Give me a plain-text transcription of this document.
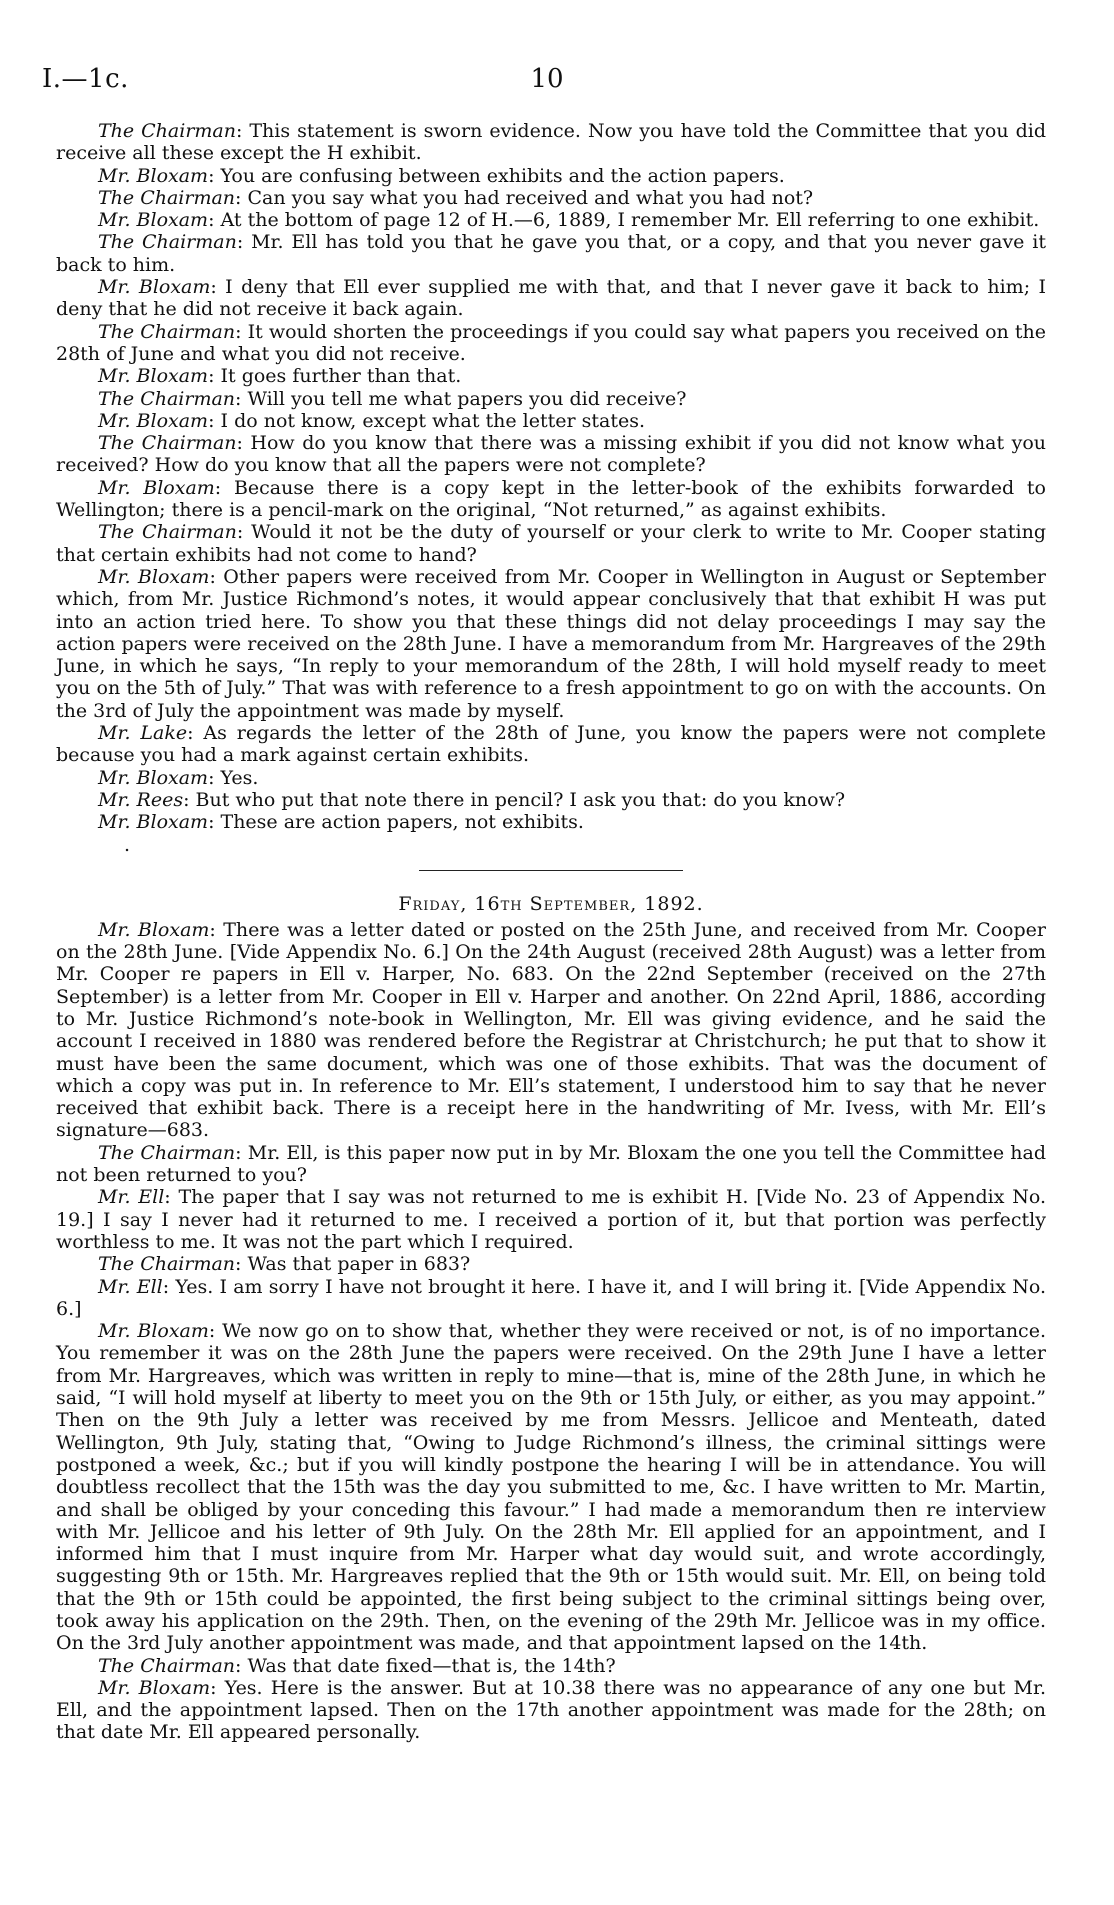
I.—1c.	10

The Chairman: This statement is sworn evidence. Now you have told the Committee that you did receive all these except the H exhibit.

Mr. Bloxam: You are confusing between exhibits and the action papers.

The Chairman: Can you say what you had received and what you had not?

Mr. Bloxam: At the bottom of page 12 of H.—6, 1889, I remember Mr. Ell referring to one exhibit.

The Chairman: Mr. Ell has told you that he gave you that, or a copy, and that you never gave it back to him.

Mr. Bloxam: I deny that Ell ever supplied me with that, and that I never gave it back to him; I deny that he did not receive it back again.

The Chairman: It would shorten the proceedings if you could say what papers you received on the 28th of June and what you did not receive.

Mr. Bloxam: It goes further than that.

The Chairman: Will you tell me what papers you did receive?

Mr. Bloxam: I do not know, except what the letter states.

The Chairman: How do you know that there was a missing exhibit if you did not know what you received? How do you know that all the papers were not complete?

Mr. Bloxam: Because there is a copy kept in the letter-book of the exhibits forwarded to Wellington; there is a pencil-mark on the original, “Not returned,” as against exhibits.

The Chairman: Would it not be the duty of yourself or your clerk to write to Mr. Cooper stating that certain exhibits had not come to hand?

Mr. Bloxam: Other papers were received from Mr. Cooper in Wellington in August or September which, from Mr. Justice Richmond’s notes, it would appear conclusively that that exhibit H was put into an action tried here. To show you that these things did not delay proceedings I may say the action papers were received on the 28th June. I have a memorandum from Mr. Hargreaves of the 29th June, in which he says, “In reply to your memorandum of the 28th, I will hold myself ready to meet you on the 5th of July.” That was with reference to a fresh appointment to go on with the accounts. On the 3rd of July the appointment was made by myself.

Mr. Lake: As regards the letter of the 28th of June, you know the papers were not complete because you had a mark against certain exhibits.

Mr. Bloxam: Yes.

Mr. Rees: But who put that note there in pencil? I ask you that: do you know?

Mr. Bloxam: These are action papers, not exhibits.

.

Friday, 16th September, 1892.

Mr. Bloxam: There was a letter dated or posted on the 25th June, and received from Mr. Cooper on the 28th June. [Vide Appendix No. 6.] On the 24th August (received 28th August) was a letter from Mr. Cooper re papers in Ell v. Harper, No. 683. On the 22nd September (received on the 27th September) is a letter from Mr. Cooper in Ell v. Harper and another. On 22nd April, 1886, according to Mr. Justice Richmond’s note-book in Wellington, Mr. Ell was giving evidence, and he said the account I received in 1880 was rendered before the Registrar at Christchurch; he put that to show it must have been the same document, which was one of those exhibits. That was the document of which a copy was put in. In reference to Mr. Ell’s statement, I understood him to say that he never received that exhibit back. There is a receipt here in the handwriting of Mr. Ivess, with Mr. Ell’s signature—683.

The Chairman: Mr. Ell, is this paper now put in by Mr. Bloxam the one you tell the Committee had not been returned to you?

Mr. Ell: The paper that I say was not returned to me is exhibit H. [Vide No. 23 of Appendix No. 19.] I say I never had it returned to me. I received a portion of it, but that portion was perfectly worthless to me. It was not the part which I required.

The Chairman: Was that paper in 683?

Mr. Ell: Yes. I am sorry I have not brought it here. I have it, and I will bring it. [Vide Appendix No. 6.]

Mr. Bloxam: We now go on to show that, whether they were received or not, is of no importance. You remember it was on the 28th June the papers were received. On the 29th June I have a letter from Mr. Hargreaves, which was written in reply to mine—that is, mine of the 28th June, in which he said, “I will hold myself at liberty to meet you on the 9th or 15th July, or either, as you may appoint.” Then on the 9th July a letter was received by me from Messrs. Jellicoe and Menteath, dated Wellington, 9th July, stating that, “Owing to Judge Richmond’s illness, the criminal sittings were postponed a week, &c.; but if you will kindly postpone the hearing I will be in attendance. You will doubtless recollect that the 15th was the day you submitted to me, &c. I have written to Mr. Martin, and shall be obliged by your conceding this favour.” I had made a memorandum then re interview with Mr. Jellicoe and his letter of 9th July. On the 28th Mr. Ell applied for an appointment, and I informed him that I must inquire from Mr. Harper what day would suit, and wrote accordingly, suggesting 9th or 15th. Mr. Hargreaves replied that the 9th or 15th would suit. Mr. Ell, on being told that the 9th or 15th could be appointed, the first being subject to the criminal sittings being over, took away his application on the 29th. Then, on the evening of the 29th Mr. Jellicoe was in my office. On the 3rd July another appointment was made, and that appointment lapsed on the 14th.

The Chairman: Was that date fixed—that is, the 14th?

Mr. Bloxam: Yes. Here is the answer. But at 10.38 there was no appearance of any one but Mr. Ell, and the appointment lapsed. Then on the 17th another appointment was made for the 28th; on that date Mr. Ell appeared personally.
